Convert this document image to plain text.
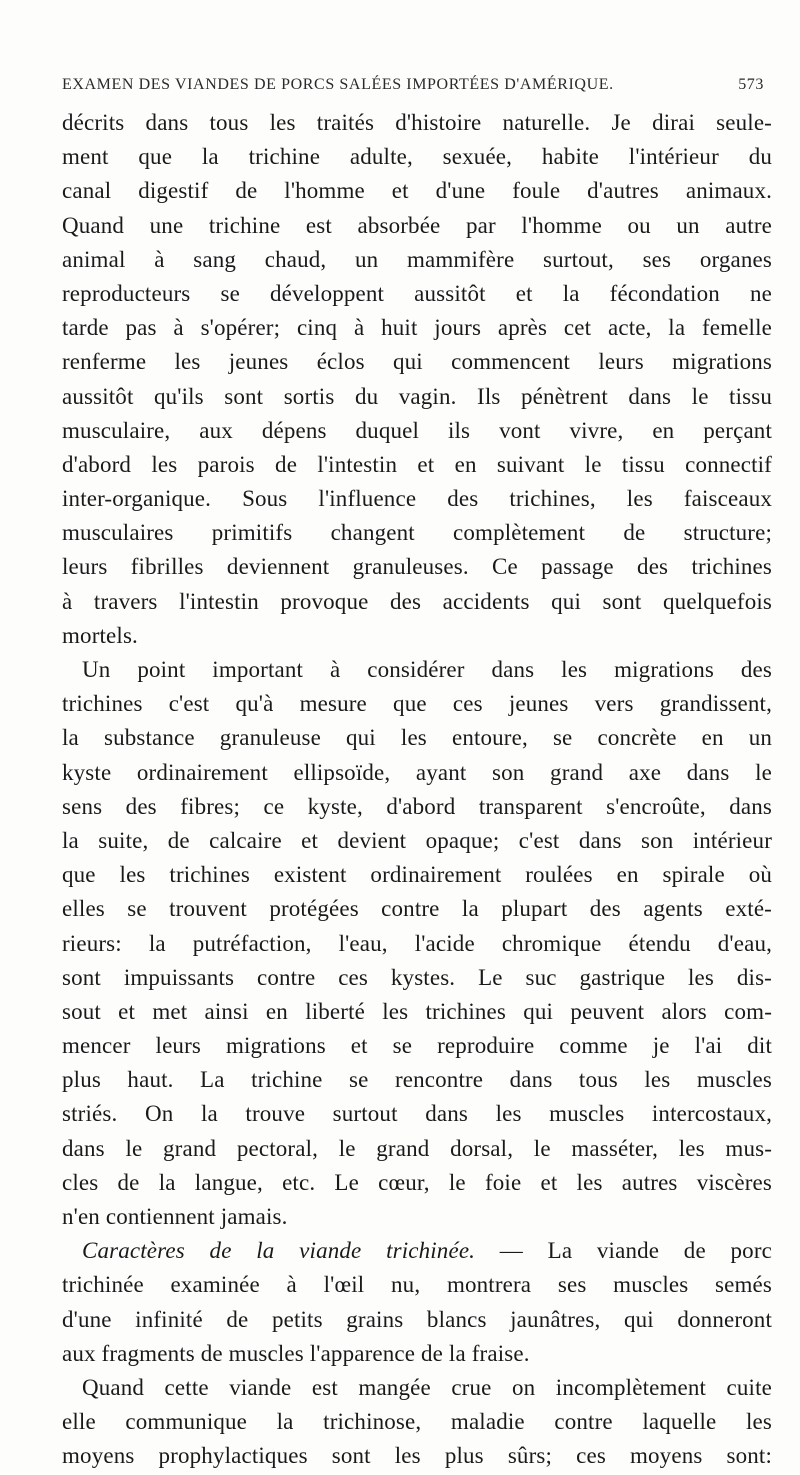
EXAMEN DES VIANDES DE PORCS SALÉES IMPORTÉES D'AMÉRIQUE.	573
décrits dans tous les traités d'histoire naturelle. Je dirai seule-
ment que la trichine adulte, sexuée, habite l'intérieur du
canal digestif de l'homme et d'une foule d'autres animaux.
Quand une trichine est absorbée par l'homme ou un autre
animal à sang chaud, un mammifère surtout, ses organes
reproducteurs se développent aussitôt et la fécondation ne
tarde pas à s'opérer; cinq à huit jours après cet acte, la femelle
renferme les jeunes éclos qui commencent leurs migrations
aussitôt qu'ils sont sortis du vagin. Ils pénètrent dans le tissu
musculaire, aux dépens duquel ils vont vivre, en perçant
d'abord les parois de l'intestin et en suivant le tissu connectif
inter-organique. Sous l'influence des trichines, les faisceaux
musculaires primitifs changent complètement de structure;
leurs fibrilles deviennent granuleuses. Ce passage des trichines
à travers l'intestin provoque des accidents qui sont quelquefois
mortels.
Un point important à considérer dans les migrations des
trichines c'est qu'à mesure que ces jeunes vers grandissent,
la substance granuleuse qui les entoure, se concrète en un
kyste ordinairement ellipsoïde, ayant son grand axe dans le
sens des fibres; ce kyste, d'abord transparent s'encroûte, dans
la suite, de calcaire et devient opaque; c'est dans son intérieur
que les trichines existent ordinairement roulées en spirale où
elles se trouvent protégées contre la plupart des agents exté-
rieurs: la putréfaction, l'eau, l'acide chromique étendu d'eau,
sont impuissants contre ces kystes. Le suc gastrique les dis-
sout et met ainsi en liberté les trichines qui peuvent alors com-
mencer leurs migrations et se reproduire comme je l'ai dit
plus haut. La trichine se rencontre dans tous les muscles
striés. On la trouve surtout dans les muscles intercostaux,
dans le grand pectoral, le grand dorsal, le masséter, les mus-
cles de la langue, etc. Le cœur, le foie et les autres viscères
n'en contiennent jamais.
Caractères de la viande trichinée. — La viande de porc
trichinée examinée à l'œil nu, montrera ses muscles semés
d'une infinité de petits grains blancs jaunâtres, qui donneront
aux fragments de muscles l'apparence de la fraise.
Quand cette viande est mangée crue on incomplètement cuite
elle communique la trichinose, maladie contre laquelle les
moyens prophylactiques sont les plus sûrs; ces moyens sont:
